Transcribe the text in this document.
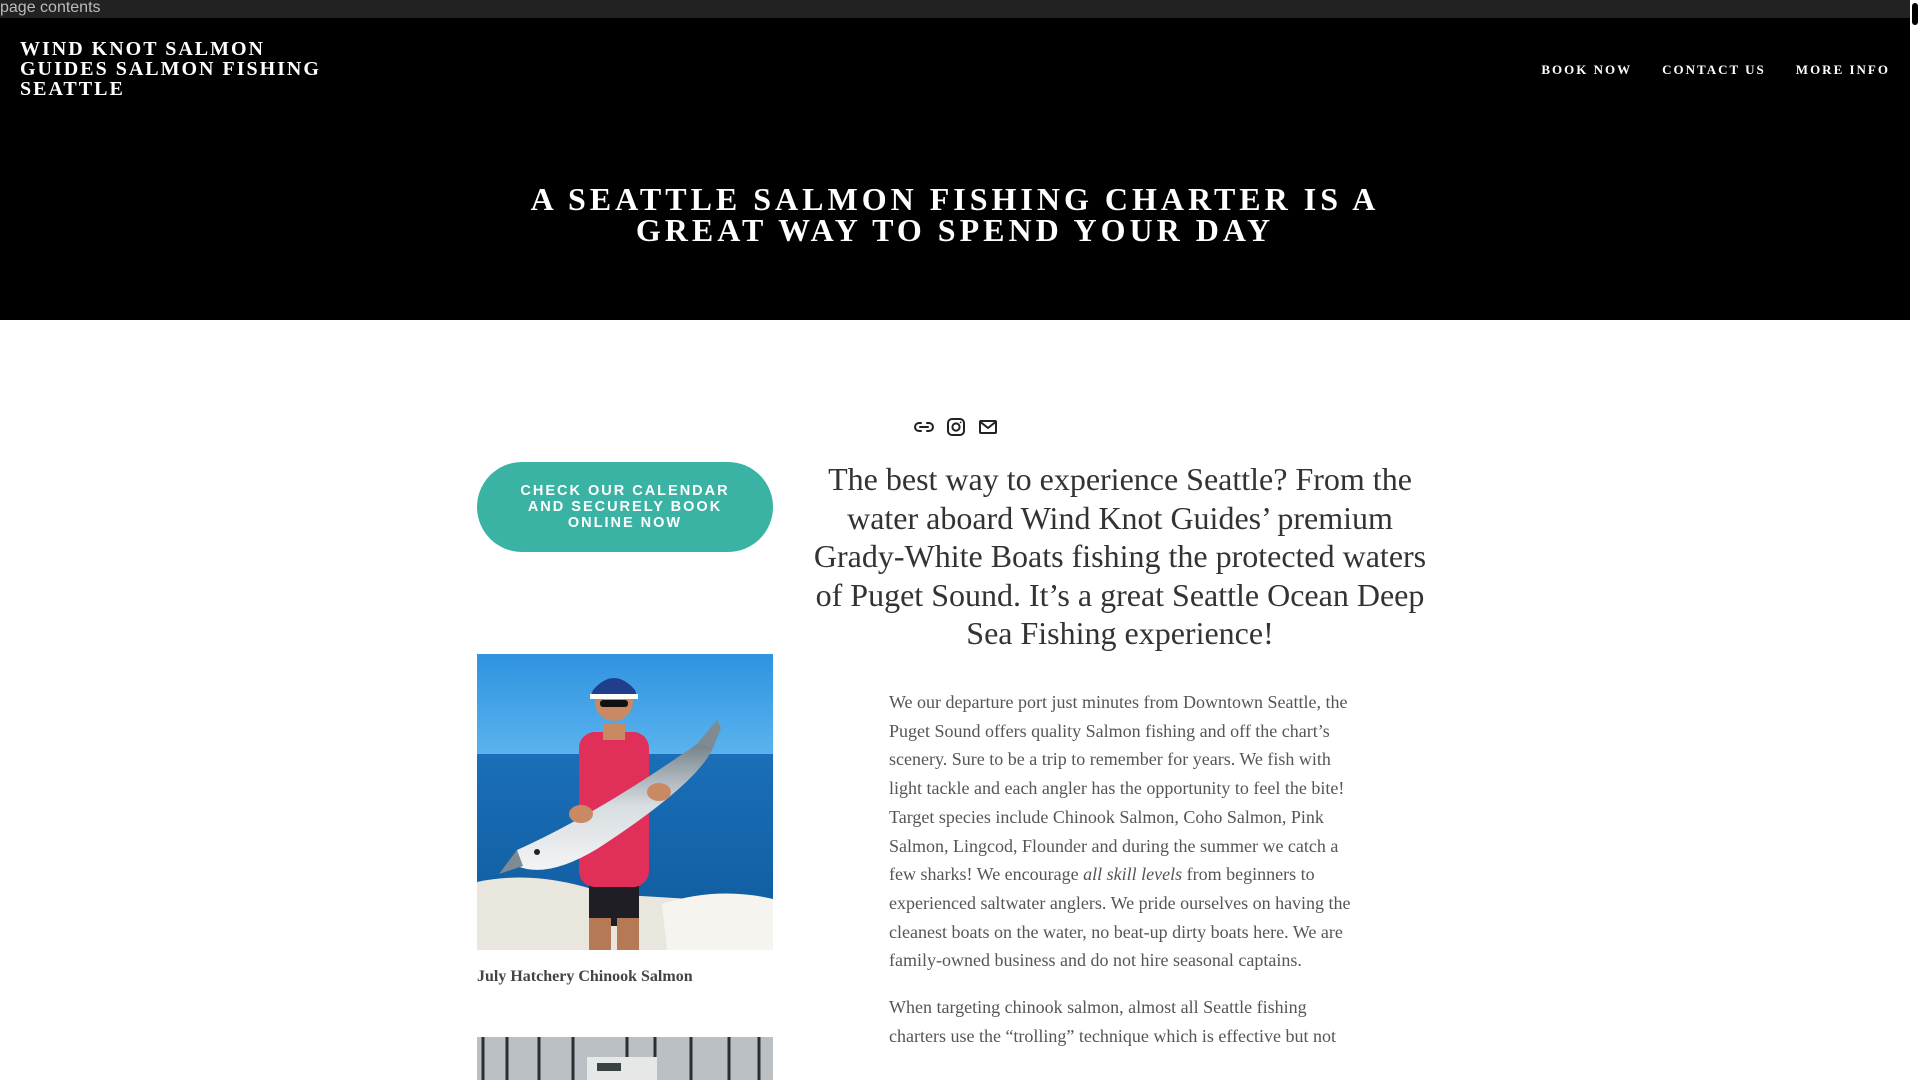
page contents
WIND KNOT SALMON GUIDES SALMON FISHING SEATTLE
BOOK NOW CONTACT US MORE INFO
A SEATTLE SALMON FISHING CHARTER IS A GREAT WAY TO SPEND YOUR DAY
CHECK OUR CALENDAR AND SECURELY BOOK ONLINE NOW
July Hatchery Chinook Salmon
The best way to experience Seattle? From the water aboard Wind Knot Guides’ premium Grady-White Boats fishing the protected waters of Puget Sound. It’s a great Seattle Ocean Deep Sea Fishing experience!

We our departure port just minutes from Downtown Seattle, the Puget Sound offers quality Salmon fishing and off the chart’s scenery. Sure to be a trip to remember for years. We fish with light tackle and each angler has the opportunity to feel the bite! Target species include Chinook Salmon, Coho Salmon, Pink Salmon, Lingcod, Flounder and during the summer we catch a few sharks! We encourage all skill levels from beginners to experienced saltwater anglers. We pride ourselves on having the cleanest boats on the water, no beat-up dirty boats here. We are family-owned business and do not hire seasonal captains.

When targeting chinook salmon, almost all Seattle fishing charters use the “trolling” technique which is effective but not
